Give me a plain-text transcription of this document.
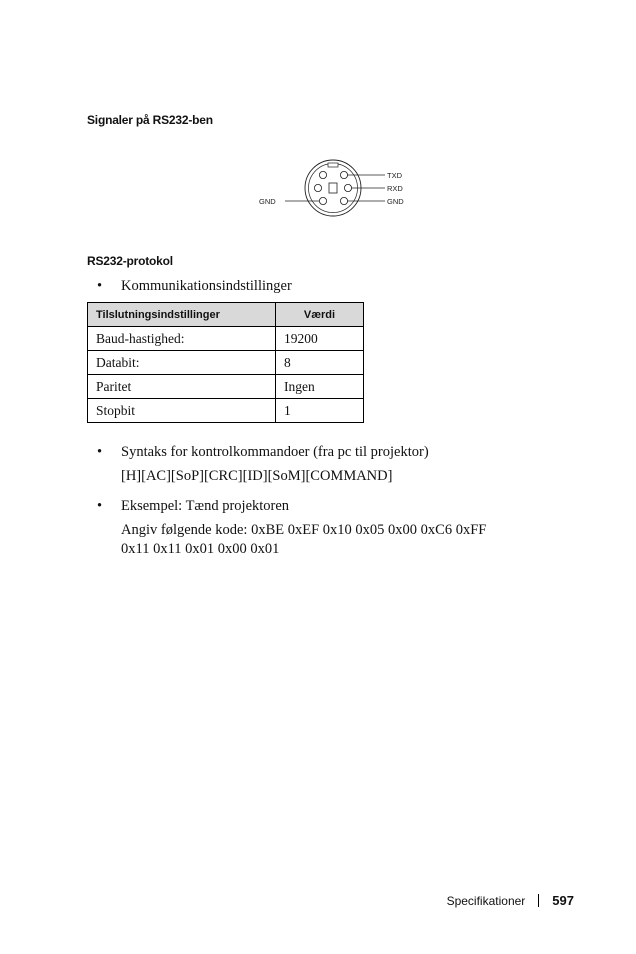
Signaler på RS232-ben
TXD
RXD
GND
GND
RS232-protokol
• Kommunikationsindstillinger
Tilslutningsindstillinger	Værdi
Baud-hastighed:	19200
Databit:	8
Paritet	Ingen
Stopbit	1
• Syntaks for kontrolkommandoer (fra pc til projektor)
[H][AC][SoP][CRC][ID][SoM][COMMAND]
• Eksempel: Tænd projektoren
Angiv følgende kode: 0xBE 0xEF 0x10 0x05 0x00 0xC6 0xFF
0x11 0x11 0x01 0x00 0x01
Specifikationer 597
